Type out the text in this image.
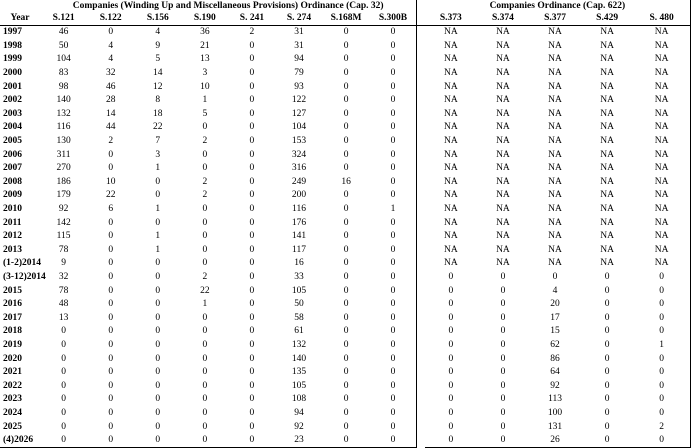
	Companies (Winding Up and Miscellaneous Provisions) Ordinance (Cap. 32)									Companies Ordinance (Cap. 622)				
Year	S.121	S.122	S.156	S.190	S. 241	S. 274	S.168M	S.300B		S.373	S.374	S.377	S.429	S. 480
1997	46	0	4	36	2	31	0	0		NA	NA	NA	NA	NA
1998	50	4	9	21	0	31	0	0		NA	NA	NA	NA	NA
1999	104	4	5	13	0	94	0	0		NA	NA	NA	NA	NA
2000	83	32	14	3	0	79	0	0		NA	NA	NA	NA	NA
2001	98	46	12	10	0	93	0	0		NA	NA	NA	NA	NA
2002	140	28	8	1	0	122	0	0		NA	NA	NA	NA	NA
2003	132	14	18	5	0	127	0	0		NA	NA	NA	NA	NA
2004	116	44	22	0	0	104	0	0		NA	NA	NA	NA	NA
2005	130	2	7	2	0	153	0	0		NA	NA	NA	NA	NA
2006	311	0	3	0	0	324	0	0		NA	NA	NA	NA	NA
2007	270	0	1	0	0	316	0	0		NA	NA	NA	NA	NA
2008	186	10	0	2	0	249	16	0		NA	NA	NA	NA	NA
2009	179	22	0	2	0	200	0	0		NA	NA	NA	NA	NA
2010	92	6	1	0	0	116	0	1		NA	NA	NA	NA	NA
2011	142	0	0	0	0	176	0	0		NA	NA	NA	NA	NA
2012	115	0	1	0	0	141	0	0		NA	NA	NA	NA	NA
2013	78	0	1	0	0	117	0	0		NA	NA	NA	NA	NA
(1-2)2014	9	0	0	0	0	16	0	0		NA	NA	NA	NA	NA
(3-12)2014	32	0	0	2	0	33	0	0		0	0	0	0	0
2015	78	0	0	22	0	105	0	0		0	0	4	0	0
2016	48	0	0	1	0	50	0	0		0	0	20	0	0
2017	13	0	0	0	0	58	0	0		0	0	17	0	0
2018	0	0	0	0	0	61	0	0		0	0	15	0	0
2019	0	0	0	0	0	132	0	0		0	0	62	0	1
2020	0	0	0	0	0	140	0	0		0	0	86	0	0
2021	0	0	0	0	0	135	0	0		0	0	64	0	0
2022	0	0	0	0	0	105	0	0		0	0	92	0	0
2023	0	0	0	0	0	108	0	0		0	0	113	0	0
2024	0	0	0	0	0	94	0	0		0	0	100	0	0
2025	0	0	0	0	0	92	0	0		0	0	131	0	2
(4)2026	0	0	0	0	0	23	0	0		0	0	26	0	0
